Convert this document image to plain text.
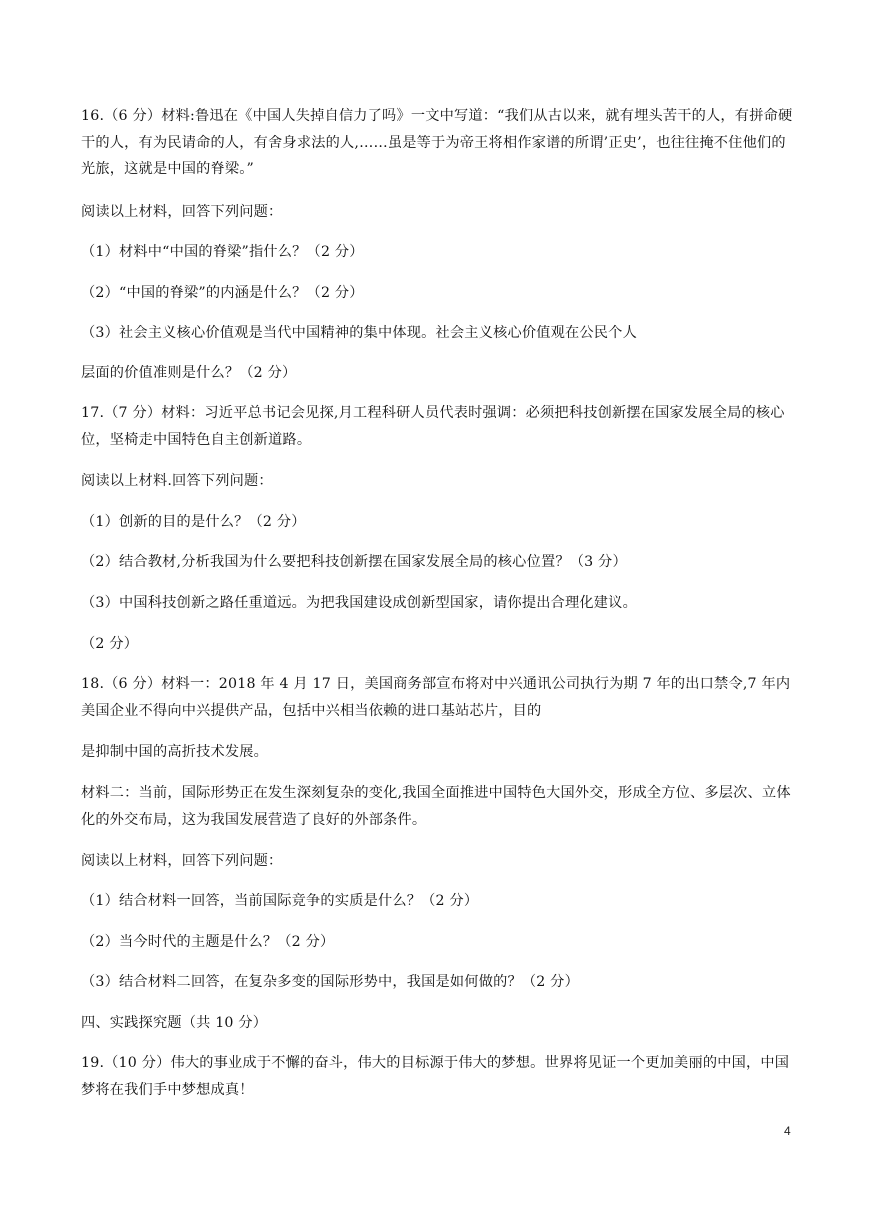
16.（6 分）材料:鲁迅在《中国人失掉自信力了吗》一文中写道：“我们从古以来，就有埋头苦干的人，有拼命硬干的人，有为民请命的人，有舍身求法的人,……虽是等于为帝王将相作家谱的所谓’正史’，也往往掩不住他们的光旅，这就是中国的脊梁。”
阅读以上材料，回答下列问题：
（1）材料中“中国的脊梁”指什么？（2 分）
（2）“中国的脊梁”的内涵是什么？（2 分）
（3）社会主义核心价值观是当代中国精神的集中体现。社会主义核心价值观在公民个人
层面的价值准则是什么？（2 分）
17.（7 分）材料：习近平总书记会见探,月工程科研人员代表时强调：必须把科技创新摆在国家发展全局的核心位，坚椅走中国特色自主创新道路。
阅读以上材料.回答下列问题：
（1）创新的目的是什么？（2 分）
（2）结合教材,分析我国为什么要把科技创新摆在国家发展全局的核心位置？（3 分）
（3）中国科技创新之路任重道远。为把我国建设成创新型国家，请你提出合理化建议。
（2 分）
18.（6 分）材料一：2018 年 4 月 17 日，美国商务部宣布将对中兴通讯公司执行为期 7 年的出口禁令,7 年内美国企业不得向中兴提供产品，包括中兴相当依赖的进口基站芯片，目的
是抑制中国的高折技术发展。
材料二：当前，国际形势正在发生深刻复杂的变化,我国全面推进中国特色大国外交，形成全方位、多层次、立体化的外交布局，这为我国发展营造了良好的外部条件。
阅读以上材料，回答下列问题：
（1）结合材料一回答，当前国际竞争的实质是什么？（2 分）
（2）当今时代的主题是什么？（2 分）
（3）结合材料二回答，在复杂多变的国际形势中，我国是如何做的？（2 分）
四、实践探究题（共 10 分）
19.（10 分）伟大的事业成于不懈的奋斗，伟大的目标源于伟大的梦想。世界将见证一个更加美丽的中国，中国梦将在我们手中梦想成真！
4
